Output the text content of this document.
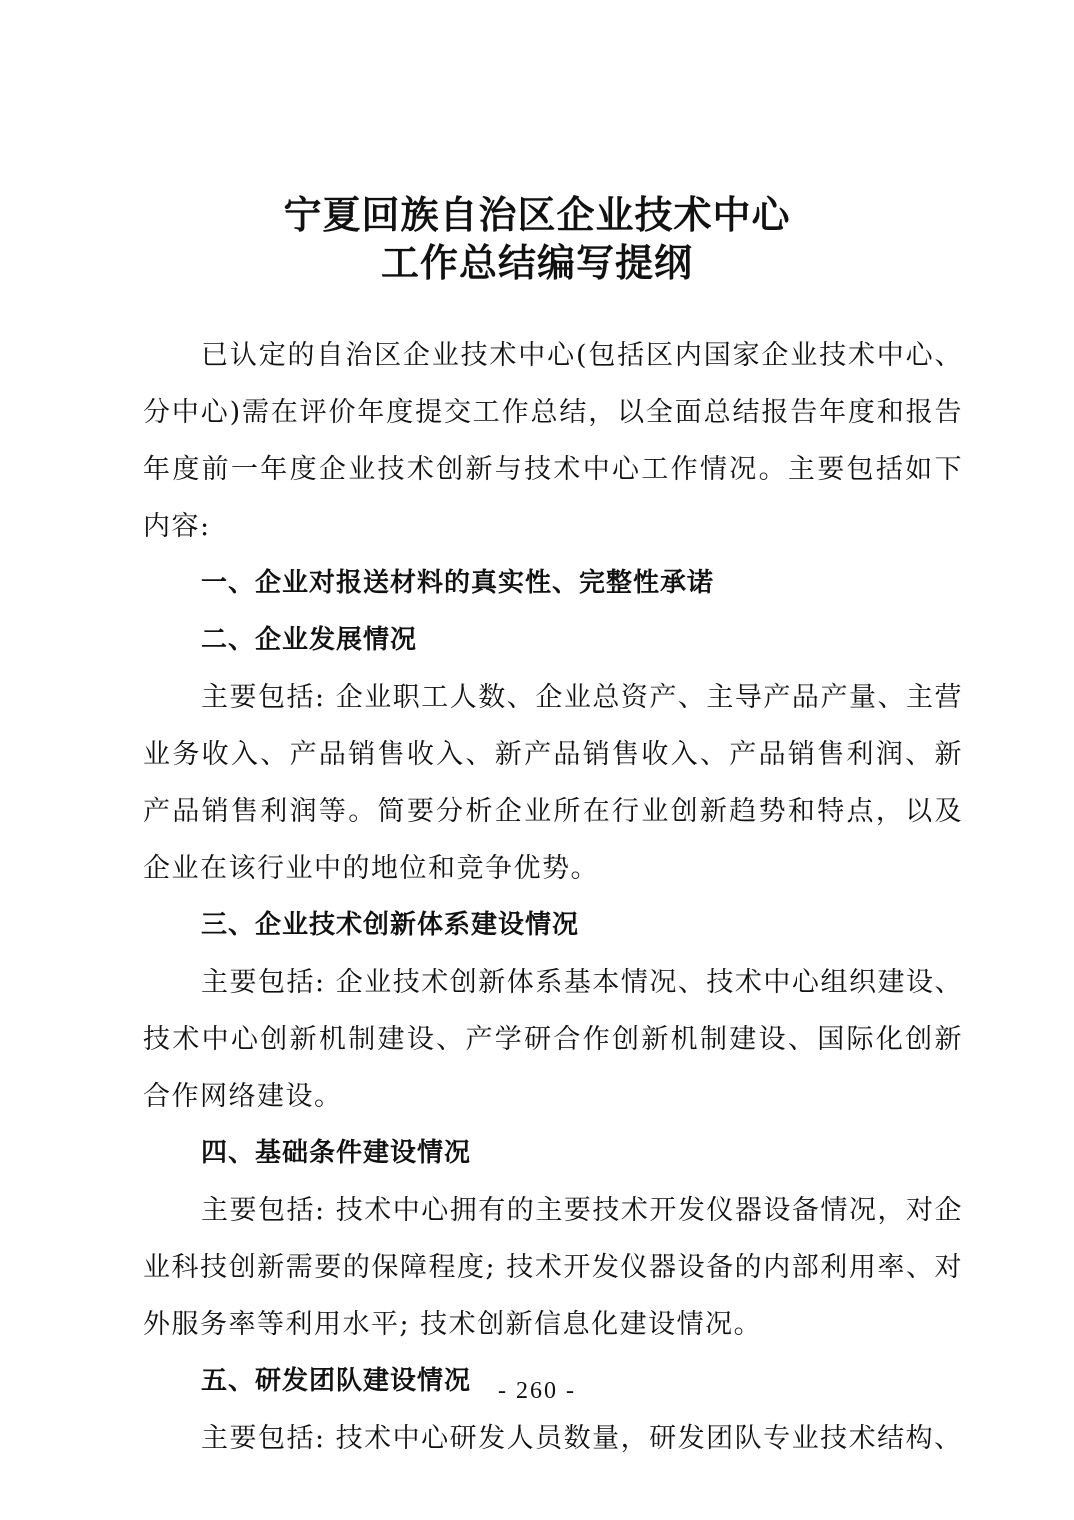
宁夏回族自治区企业技术中心
工作总结编写提纲

已认定的自治区企业技术中心(包括区内国家企业技术中心、分中心)需在评价年度提交工作总结，以全面总结报告年度和报告年度前一年度企业技术创新与技术中心工作情况。主要包括如下内容:

一、企业对报送材料的真实性、完整性承诺

二、企业发展情况

主要包括: 企业职工人数、企业总资产、主导产品产量、主营业务收入、产品销售收入、新产品销售收入、产品销售利润、新产品销售利润等。简要分析企业所在行业创新趋势和特点，以及企业在该行业中的地位和竞争优势。

三、企业技术创新体系建设情况

主要包括: 企业技术创新体系基本情况、技术中心组织建设、技术中心创新机制建设、产学研合作创新机制建设、国际化创新合作网络建设。

四、基础条件建设情况

主要包括: 技术中心拥有的主要技术开发仪器设备情况，对企业科技创新需要的保障程度; 技术开发仪器设备的内部利用率、对外服务率等利用水平; 技术创新信息化建设情况。

五、研发团队建设情况

主要包括: 技术中心研发人员数量，研发团队专业技术结构、

- 260 -
